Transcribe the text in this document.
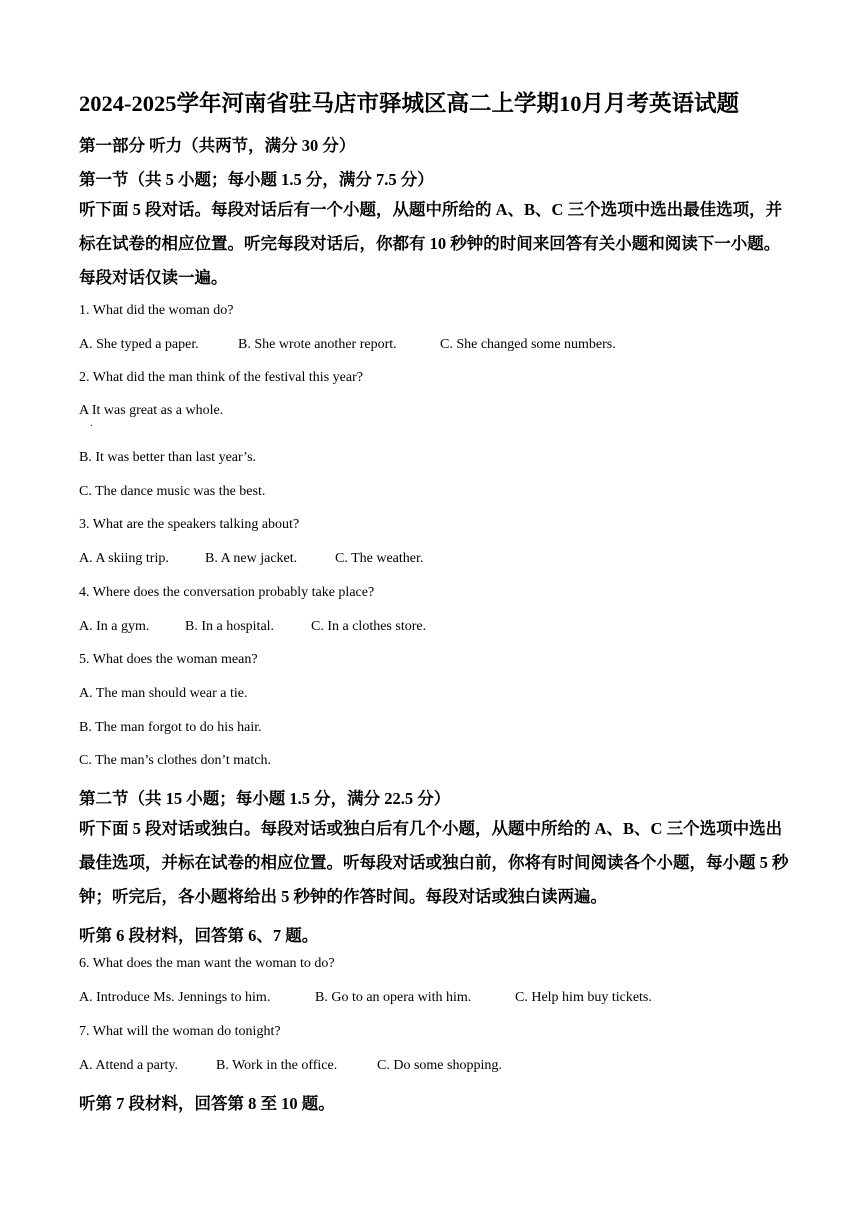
2024-2025学年河南省驻马店市驿城区高二上学期10月月考英语试题
第一部分 听力（共两节，满分 30 分）
第一节（共 5 小题；每小题 1.5 分，满分 7.5 分）
听下面 5 段对话。每段对话后有一个小题，从题中所给的 A、B、C 三个选项中选出最佳选项，并标在试卷的相应位置。听完每段对话后，你都有 10 秒钟的时间来回答有关小题和阅读下一小题。每段对话仅读一遍。
1. What did the woman do?
A. She typed a paper.	B. She wrote another report.	C. She changed some numbers.
2. What did the man think of the festival this year?
A It was great as a whole.
.
B. It was better than last year’s.
C. The dance music was the best.
3. What are the speakers talking about?
A. A skiing trip.	B. A new jacket.	C. The weather.
4. Where does the conversation probably take place?
A. In a gym.	B. In a hospital.	C. In a clothes store.
5. What does the woman mean?
A. The man should wear a tie.
B. The man forgot to do his hair.
C. The man’s clothes don’t match.
第二节（共 15 小题；每小题 1.5 分，满分 22.5 分）
听下面 5 段对话或独白。每段对话或独白后有几个小题，从题中所给的 A、B、C 三个选项中选出最佳选项，并标在试卷的相应位置。听每段对话或独白前，你将有时间阅读各个小题，每小题 5 秒钟；听完后，各小题将给出 5 秒钟的作答时间。每段对话或独白读两遍。
听第 6 段材料，回答第 6、7 题。
6. What does the man want the woman to do?
A. Introduce Ms. Jennings to him.	B. Go to an opera with him.	C. Help him buy tickets.
7. What will the woman do tonight?
A. Attend a party.	B. Work in the office.	C. Do some shopping.
听第 7 段材料，回答第 8 至 10 题。
